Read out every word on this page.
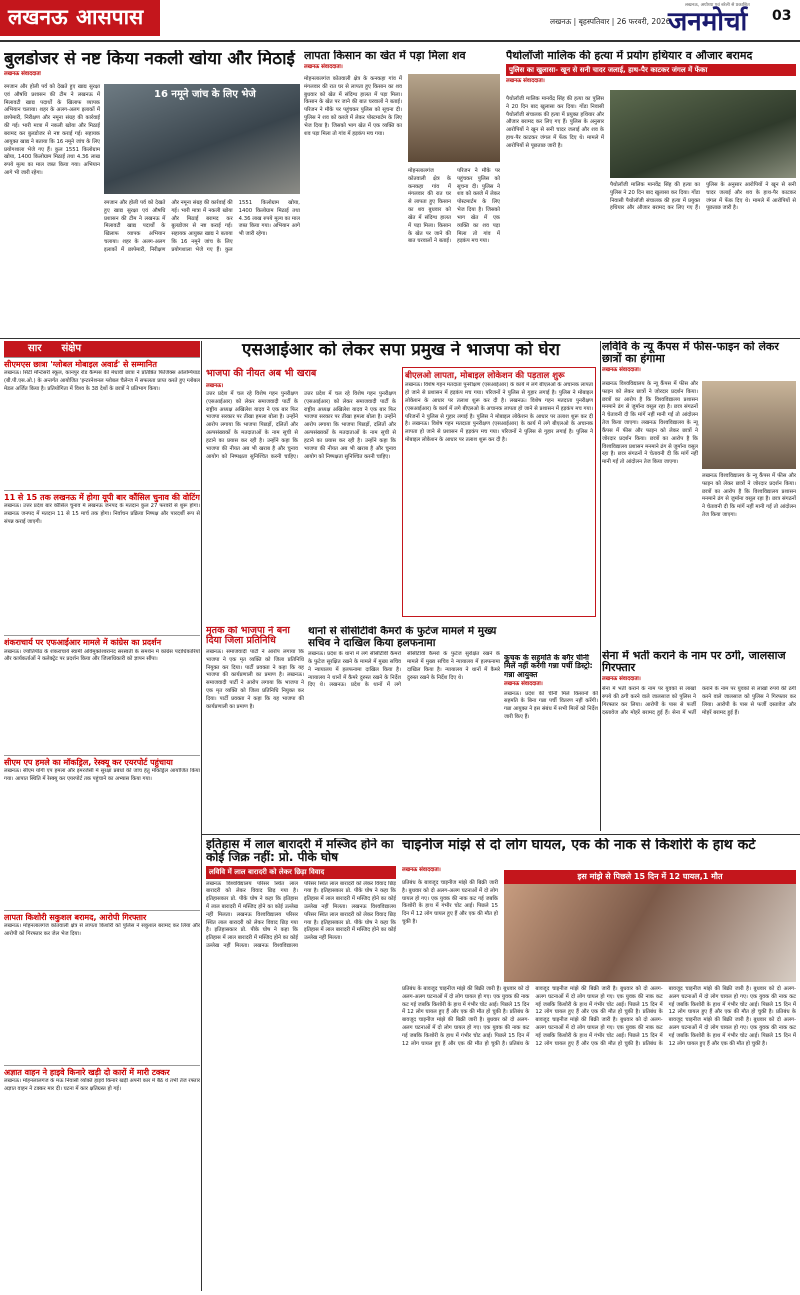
लखनऊ आसपास	लखनऊ | बृहस्पतिवार | 26 फरवरी, 2026
लखनऊ, अयोध्या एवं बरेली से प्रकाशित
जनमोर्चा 03
बुलडोजर से नष्ट किया नकली खोया और मिठाई
लखनऊ संवाददाता
16 नमूने जांच के लिए भेजे
रमजान और होली पर्व को देखते हुए खाद्य सुरक्षा एवं औषधि प्रशासन की टीम ने लखनऊ में मिलावटी खाद्य पदार्थों के खिलाफ व्यापक अभियान चलाया। शहर के अलग-अलग इलाकों में छापेमारी, निरीक्षण और नमूना संग्रह की कार्रवाई की गई। भारी मात्रा में नकली खोया और मिठाई बरामद कर बुलडोजर से नष्ट कराई गई। सहायक आयुक्त खाद्य ने बताया कि 16 नमूने जांच के लिए प्रयोगशाला भेजे गए हैं। कुल 1551 किलोग्राम खोया, 1400 किलोग्राम मिठाई तथा 4.36 लाख रुपये मूल्य का माल जब्त किया गया। अभियान आगे भी जारी रहेगा।
रमजान और होली पर्व को देखते हुए खाद्य सुरक्षा एवं औषधि प्रशासन की टीम ने लखनऊ में मिलावटी खाद्य पदार्थों के खिलाफ व्यापक अभियान चलाया। शहर के अलग-अलग इलाकों में छापेमारी, निरीक्षण और नमूना संग्रह की कार्रवाई की गई। भारी मात्रा में नकली खोया और मिठाई बरामद कर बुलडोजर से नष्ट कराई गई। सहायक आयुक्त खाद्य ने बताया कि 16 नमूने जांच के लिए प्रयोगशाला भेजे गए हैं। कुल 1551 किलोग्राम खोया, 1400 किलोग्राम मिठाई तथा 4.36 लाख रुपये मूल्य का माल जब्त किया गया। अभियान आगे भी जारी रहेगा।
लापता किसान का खेत में पड़ा मिला शव
लखनऊ संवाददाता।
मोहनलालगंज कोतवाली क्षेत्र के कनकहा गांव में मंगलवार की रात घर से लापता हुए किसान का शव बुधवार को खेत में संदिग्ध हालत में पड़ा मिला। किसान के खेत पर जाने की बात घरवालों ने बताई। परिजन ने मौके पर पहुंचकर पुलिस को सूचना दी। पुलिस ने शव को कब्जे में लेकर पोस्टमार्टम के लिए भेज दिया है। जिसको भाग खेत में एक व्यक्ति का शव पड़ा मिला तो गांव में हड़कंप मच गया।
मोहनलालगंज कोतवाली क्षेत्र के कनकहा गांव में मंगलवार की रात घर से लापता हुए किसान का शव बुधवार को खेत में संदिग्ध हालत में पड़ा मिला। किसान के खेत पर जाने की बात घरवालों ने बताई। परिजन ने मौके पर पहुंचकर पुलिस को सूचना दी। पुलिस ने शव को कब्जे में लेकर पोस्टमार्टम के लिए भेज दिया है। जिसको भाग खेत में एक व्यक्ति का शव पड़ा मिला तो गांव में हड़कंप मच गया।
पैथोलॉजी मालिक की हत्या में प्रयोग हथियार व औजार बरामद
पुलिस का खुलासा- खून से सनी चादर जलाई, हाथ-पैर काटकर जंगल में फेंका
लखनऊ संवाददाता।
पैथोलॉजी मालिक मानवेंद्र सिंह की हत्या का पुलिस ने 20 दिन बाद खुलासा कर दिया। गोंडा निवासी पैथोलॉजी संचालक की हत्या में प्रयुक्त हथियार और औजार बरामद कर लिए गए हैं। पुलिस के अनुसार आरोपियों ने खून से सनी चादर जलाई और शव के हाथ-पैर काटकर जंगल में फेंक दिए थे। मामले में आरोपियों से पूछताछ जारी है।
पैथोलॉजी मालिक मानवेंद्र सिंह की हत्या का पुलिस ने 20 दिन बाद खुलासा कर दिया। गोंडा निवासी पैथोलॉजी संचालक की हत्या में प्रयुक्त हथियार और औजार बरामद कर लिए गए हैं। पुलिस के अनुसार आरोपियों ने खून से सनी चादर जलाई और शव के हाथ-पैर काटकर जंगल में फेंक दिए थे। मामले में आरोपियों से पूछताछ जारी है।
सार संक्षेप
सीएमएस छात्रा 'ग्लोबल मोबाइल अवार्ड' से सम्मानित
लखनऊ। सिटी मॉन्टेसरी स्कूल, कानपुर रोड कैम्पस की मेधावी छात्रा ने प्रतिष्ठित फिजिक्स ओलम्पियाड (बी.पी.एस.ओ.) के अन्तर्गत आयोजित 'इन्टरनेशनल ग्लोबल चैलेन्ज में सफलता प्राप्त करते हुए ग्लोबल मेडल अर्जित किया है। प्रतियोगिता में विश्व के 38 देशों के छात्रों ने प्रतिभाग किया।
11 से 15 तक लखनऊ में होगा यूपी बार कौंसिल चुनाव की वोटिंग
लखनऊ। उत्तर प्रदेश बार कौंसिल चुनाव में लखनऊ जनपद के मतदान कुल 27 फरवरी से शुरू होगा। लखनऊ जनपद में मतदान 11 से 15 मार्च तक होगा। निर्वाचन प्रक्रिया निष्पक्ष और पारदर्शी रूप से संपन्न कराई जाएगी।
शंकराचार्य पर एफआईआर मामले में कांग्रेस का प्रदर्शन
लखनऊ। ज्योतिर्पीठ के शंकराचार्य स्वामी अविमुक्तेश्वरानंद सरस्वती के समर्थन में कांग्रेस पदाधिकारियों और कार्यकर्ताओं ने कलेक्ट्रेट पर प्रदर्शन किया और जिलाधिकारी को ज्ञापन सौंपा।
सीएम एप हमले का मॉकड्रिल, रेस्क्यू कर एयरपोर्ट पहुंचाया
लखनऊ। सीएम योगी एप हमला और इमरजेंसी में सुरक्षा प्रबंधों की जांच हेतु मॉकड्रिल आयोजित किया गया। आपात स्थिति में रेस्क्यू कर एयरपोर्ट तक पहुंचाने का अभ्यास किया गया।
लापता किशोरी सकुशल बरामद, आरोपी गिरफ्तार
लखनऊ। मोहनलालगंज कोतवाली क्षेत्र से लापता किशोरी को पुलिस ने सकुशल बरामद कर लिया और आरोपी को गिरफ्तार कर जेल भेज दिया।
अज्ञात वाहन ने हाइवे किनारे खड़ी दो कारों में मारी टक्कर
लखनऊ। मोहनलालगंज के मऊ निवासी व्यक्ति हाइवे किनारे खड़ी अपनी कार में बैठे थे तभी तेज रफ्तार अज्ञात वाहन ने टक्कर मार दी। घटना में कार क्षतिग्रस्त हो गई।
एसआईआर को लेकर सपा प्रमुख ने भाजपा को घेरा
भाजपा की नीयत अब भी खराब
लखनऊ।
उत्तर प्रदेश में चल रहे विशेष गहन पुनरीक्षण (एसआईआर) को लेकर समाजवादी पार्टी के राष्ट्रीय अध्यक्ष अखिलेश यादव ने एक बार फिर भाजपा सरकार पर तीखा हमला बोला है। उन्होंने आरोप लगाया कि भाजपा पिछड़ों, दलितों और अल्पसंख्यकों के मतदाताओं के नाम सूची से हटाने का प्रयास कर रही है। उन्होंने कहा कि भाजपा की नीयत अब भी खराब है और चुनाव आयोग को निष्पक्षता सुनिश्चित करनी चाहिए। उत्तर प्रदेश में चल रहे विशेष गहन पुनरीक्षण (एसआईआर) को लेकर समाजवादी पार्टी के राष्ट्रीय अध्यक्ष अखिलेश यादव ने एक बार फिर भाजपा सरकार पर तीखा हमला बोला है। उन्होंने आरोप लगाया कि भाजपा पिछड़ों, दलितों और अल्पसंख्यकों के मतदाताओं के नाम सूची से हटाने का प्रयास कर रही है। उन्होंने कहा कि भाजपा की नीयत अब भी खराब है और चुनाव आयोग को निष्पक्षता सुनिश्चित करनी चाहिए।
बीएलओ लापता, मोबाइल लोकेशन की पड़ताल शुरू
लखनऊ। विशेष गहन मतदाता पुनरीक्षण (एसआईआर) के कार्य में लगे बीएलओ के अचानक लापता हो जाने से प्रशासन में हड़कंप मच गया। परिजनों ने पुलिस से गुहार लगाई है। पुलिस ने मोबाइल लोकेशन के आधार पर तलाश शुरू कर दी है। लखनऊ। विशेष गहन मतदाता पुनरीक्षण (एसआईआर) के कार्य में लगे बीएलओ के अचानक लापता हो जाने से प्रशासन में हड़कंप मच गया। परिजनों ने पुलिस से गुहार लगाई है। पुलिस ने मोबाइल लोकेशन के आधार पर तलाश शुरू कर दी है। लखनऊ। विशेष गहन मतदाता पुनरीक्षण (एसआईआर) के कार्य में लगे बीएलओ के अचानक लापता हो जाने से प्रशासन में हड़कंप मच गया। परिजनों ने पुलिस से गुहार लगाई है। पुलिस ने मोबाइल लोकेशन के आधार पर तलाश शुरू कर दी है।
लविवि के न्यू कैंपस में फीस-फाइन को लेकर छात्रों का हंगामा
लखनऊ संवाददाता।
लखनऊ विश्वविद्यालय के न्यू कैंपस में फीस और फाइन को लेकर छात्रों ने जोरदार प्रदर्शन किया। छात्रों का आरोप है कि विश्वविद्यालय प्रशासन मनमाने ढंग से जुर्माना वसूल रहा है। छात्र संगठनों ने चेतावनी दी कि मांगें नहीं मानी गईं तो आंदोलन तेज किया जाएगा। लखनऊ विश्वविद्यालय के न्यू कैंपस में फीस और फाइन को लेकर छात्रों ने जोरदार प्रदर्शन किया। छात्रों का आरोप है कि विश्वविद्यालय प्रशासन मनमाने ढंग से जुर्माना वसूल रहा है। छात्र संगठनों ने चेतावनी दी कि मांगें नहीं मानी गईं तो आंदोलन तेज किया जाएगा।
लखनऊ विश्वविद्यालय के न्यू कैंपस में फीस और फाइन को लेकर छात्रों ने जोरदार प्रदर्शन किया। छात्रों का आरोप है कि विश्वविद्यालय प्रशासन मनमाने ढंग से जुर्माना वसूल रहा है। छात्र संगठनों ने चेतावनी दी कि मांगें नहीं मानी गईं तो आंदोलन तेज किया जाएगा।
मृतक को भाजपा ने बना दिया जिला प्रतिनिधि
लखनऊ। समाजवादी पार्टी ने आरोप लगाया कि भाजपा ने एक मृत व्यक्ति को जिला प्रतिनिधि नियुक्त कर दिया। पार्टी प्रवक्ता ने कहा कि यह भाजपा की कार्यप्रणाली का प्रमाण है। लखनऊ। समाजवादी पार्टी ने आरोप लगाया कि भाजपा ने एक मृत व्यक्ति को जिला प्रतिनिधि नियुक्त कर दिया। पार्टी प्रवक्ता ने कहा कि यह भाजपा की कार्यप्रणाली का प्रमाण है।
थानों से सीसीटीवी कैमरों के फुटेज मामले में मुख्य सचिव ने दाखिल किया हलफनामा
लखनऊ। प्रदेश के थानों में लगे सीसीटीवी कैमरों के फुटेज सुरक्षित रखने के मामले में मुख्य सचिव ने न्यायालय में हलफनामा दाखिल किया है। न्यायालय ने थानों में कैमरे दुरुस्त रखने के निर्देश दिए थे। लखनऊ। प्रदेश के थानों में लगे सीसीटीवी कैमरों के फुटेज सुरक्षित रखने के मामले में मुख्य सचिव ने न्यायालय में हलफनामा दाखिल किया है। न्यायालय ने थानों में कैमरे दुरुस्त रखने के निर्देश दिए थे।
कूचक के सहमति के बगैर चीनी मिलें नहीं करेंगी गन्ना पर्ची डिस्ट्रो: गन्ना आयुक्त
लखनऊ संवाददाता।
लखनऊ। प्रदेश की चीनी मिलें किसानों की सहमति के बिना गन्ना पर्ची वितरण नहीं करेंगी। गन्ना आयुक्त ने इस संबंध में सभी मिलों को निर्देश जारी किए हैं।
सेना में भर्ती कराने के नाम पर ठगी, जालसाज गिरफ्तार
लखनऊ संवाददाता।
सेना में भर्ती कराने के नाम पर युवकों से लाखों रुपये की ठगी करने वाले जालसाज को पुलिस ने गिरफ्तार कर लिया। आरोपी के पास से फर्जी दस्तावेज और मोहरें बरामद हुई हैं। सेना में भर्ती कराने के नाम पर युवकों से लाखों रुपये की ठगी करने वाले जालसाज को पुलिस ने गिरफ्तार कर लिया। आरोपी के पास से फर्जी दस्तावेज और मोहरें बरामद हुई हैं।
इतिहास में लाल बारादरी में मस्जिद होने का कोई जिक्र नहीं: प्रो. पीके घोष
लविवि में लाल बारादरी को लेकर छिड़ा विवाद
लखनऊ विश्वविद्यालय परिसर स्थित लाल बारादरी को लेकर विवाद छिड़ गया है। इतिहासकार प्रो. पीके घोष ने कहा कि इतिहास में लाल बारादरी में मस्जिद होने का कोई उल्लेख नहीं मिलता। लखनऊ विश्वविद्यालय परिसर स्थित लाल बारादरी को लेकर विवाद छिड़ गया है। इतिहासकार प्रो. पीके घोष ने कहा कि इतिहास में लाल बारादरी में मस्जिद होने का कोई उल्लेख नहीं मिलता। लखनऊ विश्वविद्यालय परिसर स्थित लाल बारादरी को लेकर विवाद छिड़ गया है। इतिहासकार प्रो. पीके घोष ने कहा कि इतिहास में लाल बारादरी में मस्जिद होने का कोई उल्लेख नहीं मिलता। लखनऊ विश्वविद्यालय परिसर स्थित लाल बारादरी को लेकर विवाद छिड़ गया है। इतिहासकार प्रो. पीके घोष ने कहा कि इतिहास में लाल बारादरी में मस्जिद होने का कोई उल्लेख नहीं मिलता।
चाइनीज मांझे से दो लोग घायल, एक की नाक से किशोरी के हाथ कटे
लखनऊ संवाददाता।
इस मांझे से पिछले 15 दिन में 12 घायल,1 मौत
प्रतिबंध के बावजूद चाइनीज मांझे की बिक्री जारी है। बुधवार को दो अलग-अलग घटनाओं में दो लोग घायल हो गए। एक युवक की नाक कट गई जबकि किशोरी के हाथ में गंभीर चोट आई। पिछले 15 दिन में 12 लोग घायल हुए हैं और एक की मौत हो चुकी है।
प्रतिबंध के बावजूद चाइनीज मांझे की बिक्री जारी है। बुधवार को दो अलग-अलग घटनाओं में दो लोग घायल हो गए। एक युवक की नाक कट गई जबकि किशोरी के हाथ में गंभीर चोट आई। पिछले 15 दिन में 12 लोग घायल हुए हैं और एक की मौत हो चुकी है। प्रतिबंध के बावजूद चाइनीज मांझे की बिक्री जारी है। बुधवार को दो अलग-अलग घटनाओं में दो लोग घायल हो गए। एक युवक की नाक कट गई जबकि किशोरी के हाथ में गंभीर चोट आई। पिछले 15 दिन में 12 लोग घायल हुए हैं और एक की मौत हो चुकी है। प्रतिबंध के बावजूद चाइनीज मांझे की बिक्री जारी है। बुधवार को दो अलग-अलग घटनाओं में दो लोग घायल हो गए। एक युवक की नाक कट गई जबकि किशोरी के हाथ में गंभीर चोट आई। पिछले 15 दिन में 12 लोग घायल हुए हैं और एक की मौत हो चुकी है। प्रतिबंध के बावजूद चाइनीज मांझे की बिक्री जारी है। बुधवार को दो अलग-अलग घटनाओं में दो लोग घायल हो गए। एक युवक की नाक कट गई जबकि किशोरी के हाथ में गंभीर चोट आई। पिछले 15 दिन में 12 लोग घायल हुए हैं और एक की मौत हो चुकी है। प्रतिबंध के बावजूद चाइनीज मांझे की बिक्री जारी है। बुधवार को दो अलग-अलग घटनाओं में दो लोग घायल हो गए। एक युवक की नाक कट गई जबकि किशोरी के हाथ में गंभीर चोट आई। पिछले 15 दिन में 12 लोग घायल हुए हैं और एक की मौत हो चुकी है। प्रतिबंध के बावजूद चाइनीज मांझे की बिक्री जारी है। बुधवार को दो अलग-अलग घटनाओं में दो लोग घायल हो गए। एक युवक की नाक कट गई जबकि किशोरी के हाथ में गंभीर चोट आई। पिछले 15 दिन में 12 लोग घायल हुए हैं और एक की मौत हो चुकी है।
